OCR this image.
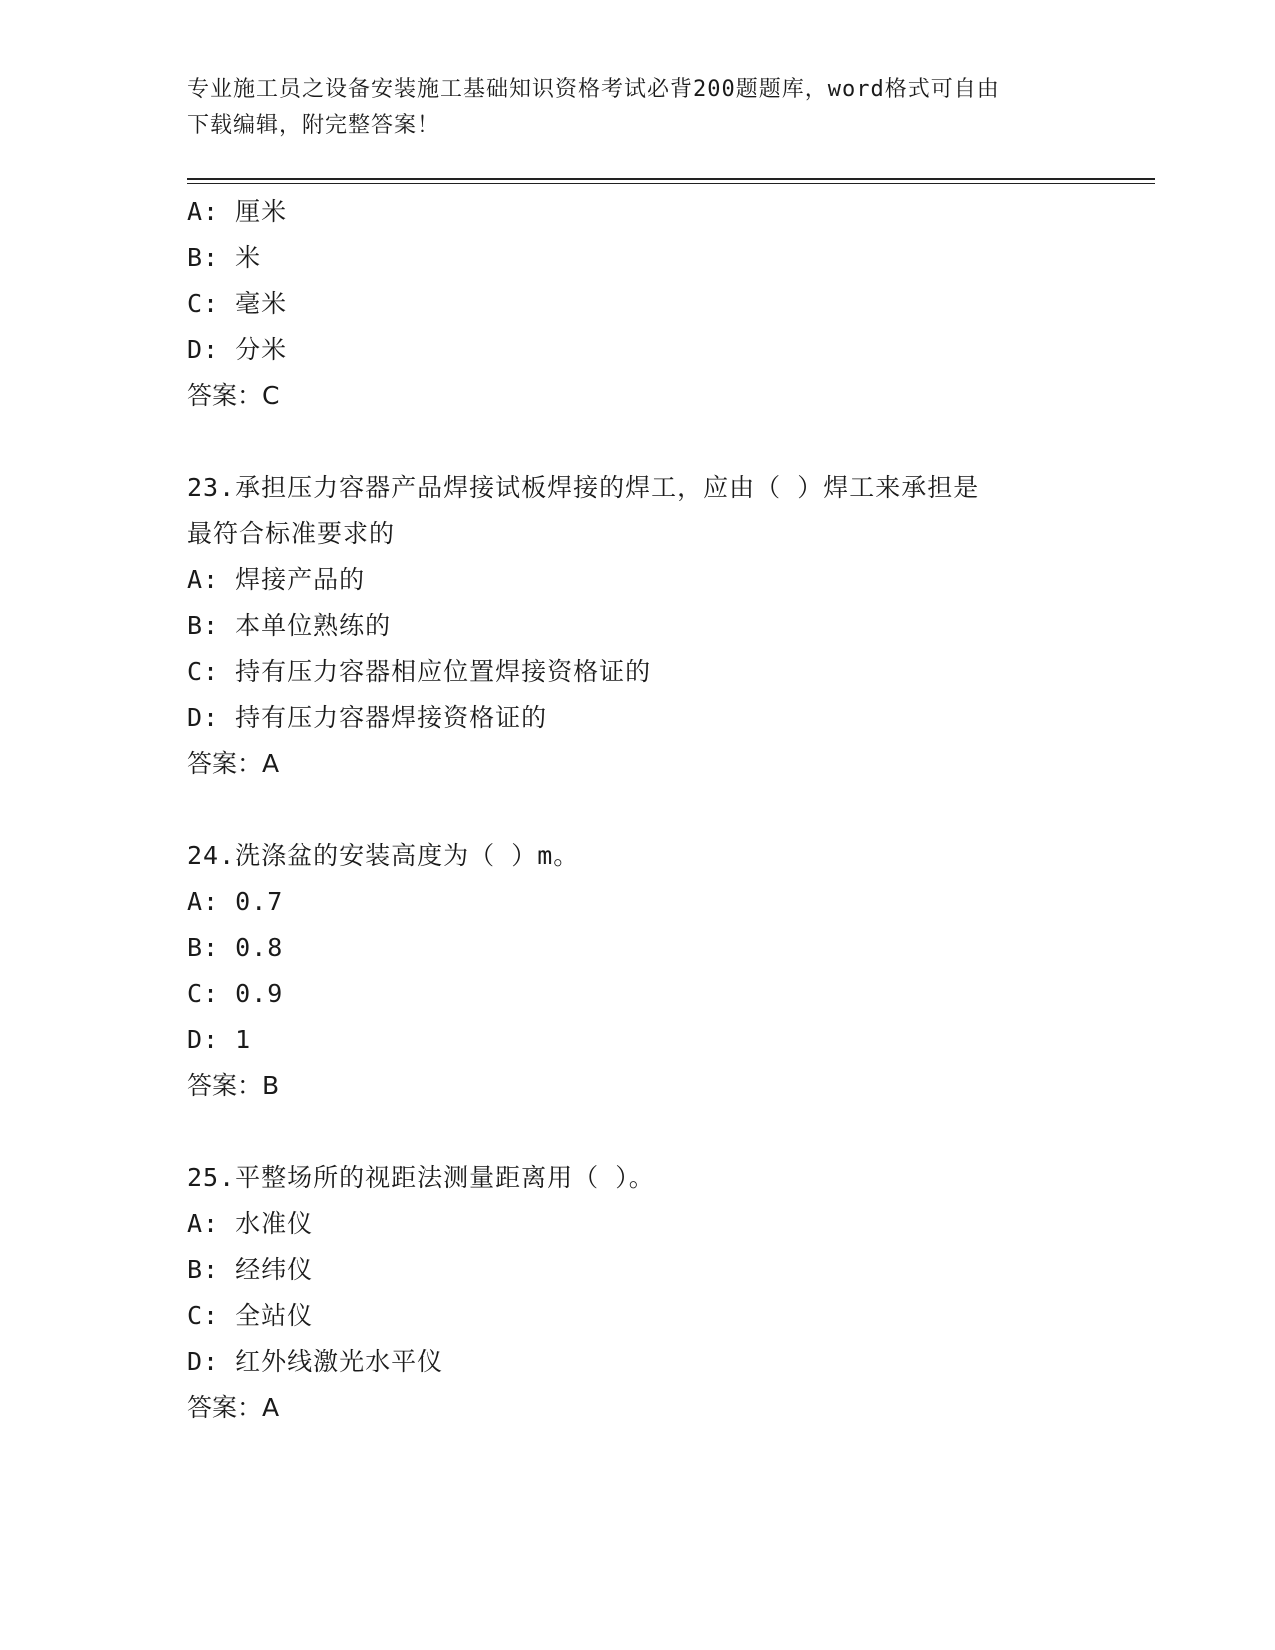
专业施工员之设备安装施工基础知识资格考试必背200题题库，word格式可自由
下载编辑，附完整答案！
A: 厘米
B: 米
C: 毫米
D: 分米
答案：C
23.承担压力容器产品焊接试板焊接的焊工，应由（ ）焊工来承担是
最符合标准要求的
A: 焊接产品的
B: 本单位熟练的
C: 持有压力容器相应位置焊接资格证的
D: 持有压力容器焊接资格证的
答案：A
24.洗涤盆的安装高度为（ ）m。
A: 0.7
B: 0.8
C: 0.9
D: 1
答案：B
25.平整场所的视距法测量距离用（ ）。
A: 水准仪
B: 经纬仪
C: 全站仪
D: 红外线激光水平仪
答案：A
